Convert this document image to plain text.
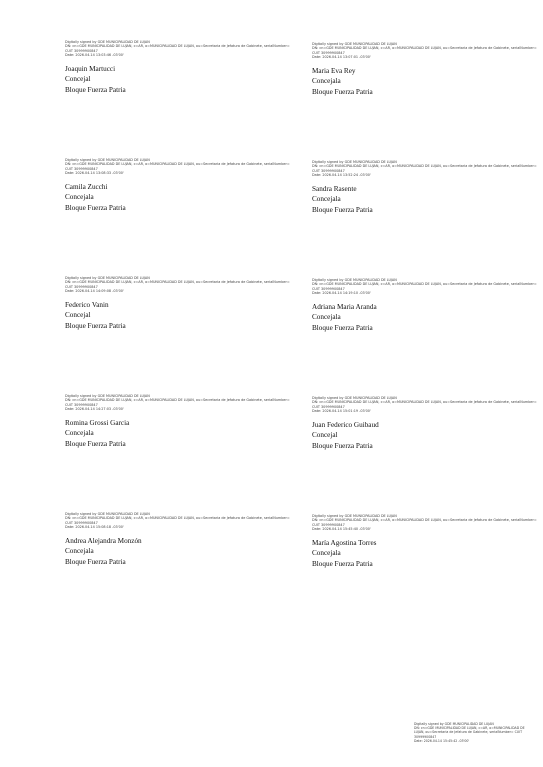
Digitally signed by GDE MUNICIPALIDAD DE LUJAN
DN: cn=GDE MUNICIPALIDAD DE LUJAN, c=AR, o=MUNICIPALIDAD DE LUJAN, ou=Secretaria de Jefatura de Gabinete, serialNumber= CUIT 30999900847
Date: 2026.04.14 13:03:46 -03'00'
Joaquin Martucci
Concejal
Bloque Fuerza Patria
Digitally signed by GDE MUNICIPALIDAD DE LUJAN
DN: cn=GDE MUNICIPALIDAD DE LUJAN, c=AR, o=MUNICIPALIDAD DE LUJAN, ou=Secretaria de Jefatura de Gabinete, serialNumber= CUIT 30999900847
Date: 2026.04.14 13:07:01 -03'00'
Maria Eva Rey
Concejala
Bloque Fuerza Patria
Digitally signed by GDE MUNICIPALIDAD DE LUJAN
DN: cn=GDE MUNICIPALIDAD DE LUJAN, c=AR, o=MUNICIPALIDAD DE LUJAN, ou=Secretaria de Jefatura de Gabinete, serialNumber= CUIT 30999900847
Date: 2026.04.14 13:08:33 -03'00'
Camila Zucchi
Concejala
Bloque Fuerza Patria
Digitally signed by GDE MUNICIPALIDAD DE LUJAN
DN: cn=GDE MUNICIPALIDAD DE LUJAN, c=AR, o=MUNICIPALIDAD DE LUJAN, ou=Secretaria de Jefatura de Gabinete, serialNumber= CUIT 30999900847
Date: 2026.04.14 13:52:24 -03'00'
Sandra Rasente
Concejala
Bloque Fuerza Patria
Digitally signed by GDE MUNICIPALIDAD DE LUJAN
DN: cn=GDE MUNICIPALIDAD DE LUJAN, c=AR, o=MUNICIPALIDAD DE LUJAN, ou=Secretaria de Jefatura de Gabinete, serialNumber= CUIT 30999900847
Date: 2026.04.14 14:09:08 -03'00'
Federico Vanin
Concejal
Bloque Fuerza Patria
Digitally signed by GDE MUNICIPALIDAD DE LUJAN
DN: cn=GDE MUNICIPALIDAD DE LUJAN, c=AR, o=MUNICIPALIDAD DE LUJAN, ou=Secretaria de Jefatura de Gabinete, serialNumber= CUIT 30999900847
Date: 2026.04.14 14:19:10 -03'00'
Adriana Maria Aranda
Concejala
Bloque Fuerza Patria
Digitally signed by GDE MUNICIPALIDAD DE LUJAN
DN: cn=GDE MUNICIPALIDAD DE LUJAN, c=AR, o=MUNICIPALIDAD DE LUJAN, ou=Secretaria de Jefatura de Gabinete, serialNumber= CUIT 30999900847
Date: 2026.04.14 14:27:03 -03'00'
Romina Grossi Garcia
Concejala
Bloque Fuerza Patria
Digitally signed by GDE MUNICIPALIDAD DE LUJAN
DN: cn=GDE MUNICIPALIDAD DE LUJAN, c=AR, o=MUNICIPALIDAD DE LUJAN, ou=Secretaria de Jefatura de Gabinete, serialNumber= CUIT 30999900847
Date: 2026.04.14 15:01:19 -03'00'
Juan Federico Guibaud
Concejal
Bloque Fuerza Patria
Digitally signed by GDE MUNICIPALIDAD DE LUJAN
DN: cn=GDE MUNICIPALIDAD DE LUJAN, c=AR, o=MUNICIPALIDAD DE LUJAN, ou=Secretaria de Jefatura de Gabinete, serialNumber= CUIT 30999900847
Date: 2026.04.14 15:08:18 -03'00'
Andrea Alejandra Monzón
Concejala
Bloque Fuerza Patria
Digitally signed by GDE MUNICIPALIDAD DE LUJAN
DN: cn=GDE MUNICIPALIDAD DE LUJAN, c=AR, o=MUNICIPALIDAD DE LUJAN, ou=Secretaria de Jefatura de Gabinete, serialNumber= CUIT 30999900847
Date: 2026.04.14 15:45:40 -03'00'
María Agostina Torres
Concejala
Bloque Fuerza Patria
Digitally signed by GDE MUNICIPALIDAD DE LUJAN
DN: cn=GDE MUNICIPALIDAD DE LUJAN, c=AR, o=MUNICIPALIDAD DE LUJAN, ou=Secretaria de Jefatura de Gabinete, serialNumber= CUIT 30999900847
Date: 2026.04.14 15:45:42 -03'00'
